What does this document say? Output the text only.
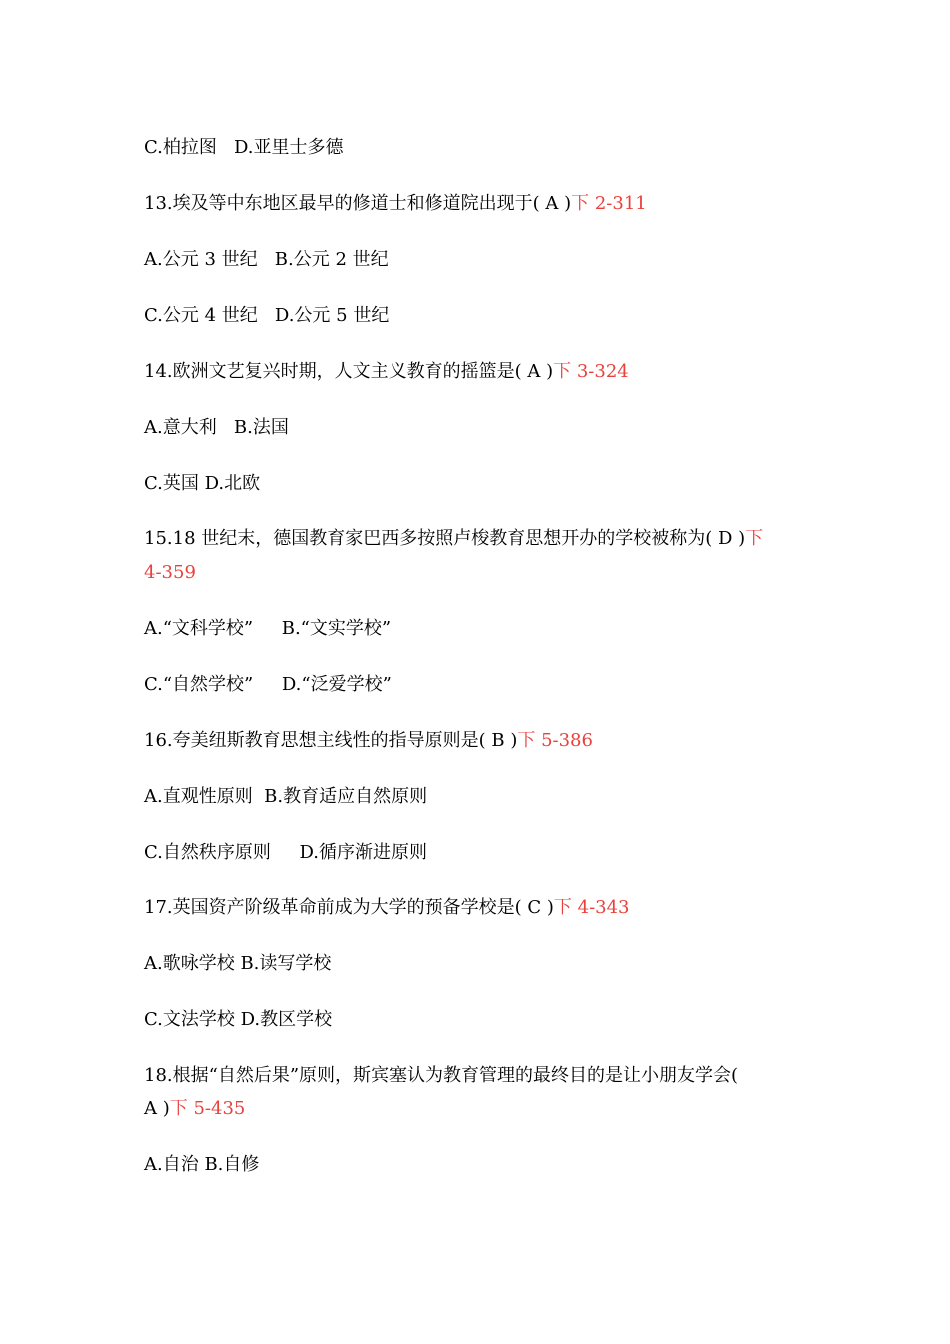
C.柏拉图   D.亚里士多德
13.埃及等中东地区最早的修道士和修道院出现于( A )下 2-311
A.公元 3 世纪   B.公元 2 世纪
C.公元 4 世纪   D.公元 5 世纪
14.欧洲文艺复兴时期，人文主义教育的摇篮是( A )下 3-324
A.意大利   B.法国
C.英国 D.北欧
15.18 世纪末，德国教育家巴西多按照卢梭教育思想开办的学校被称为( D )下
4-359
A.“文科学校”     B.“文实学校”
C.“自然学校”     D.“泛爱学校”
16.夸美纽斯教育思想主线性的指导原则是( B )下 5-386
A.直观性原则  B.教育适应自然原则
C.自然秩序原则     D.循序渐进原则
17.英国资产阶级革命前成为大学的预备学校是( C )下 4-343
A.歌咏学校 B.读写学校
C.文法学校 D.教区学校
18.根据“自然后果”原则，斯宾塞认为教育管理的最终目的是让小朋友学会(
A )下 5-435
A.自治 B.自修
